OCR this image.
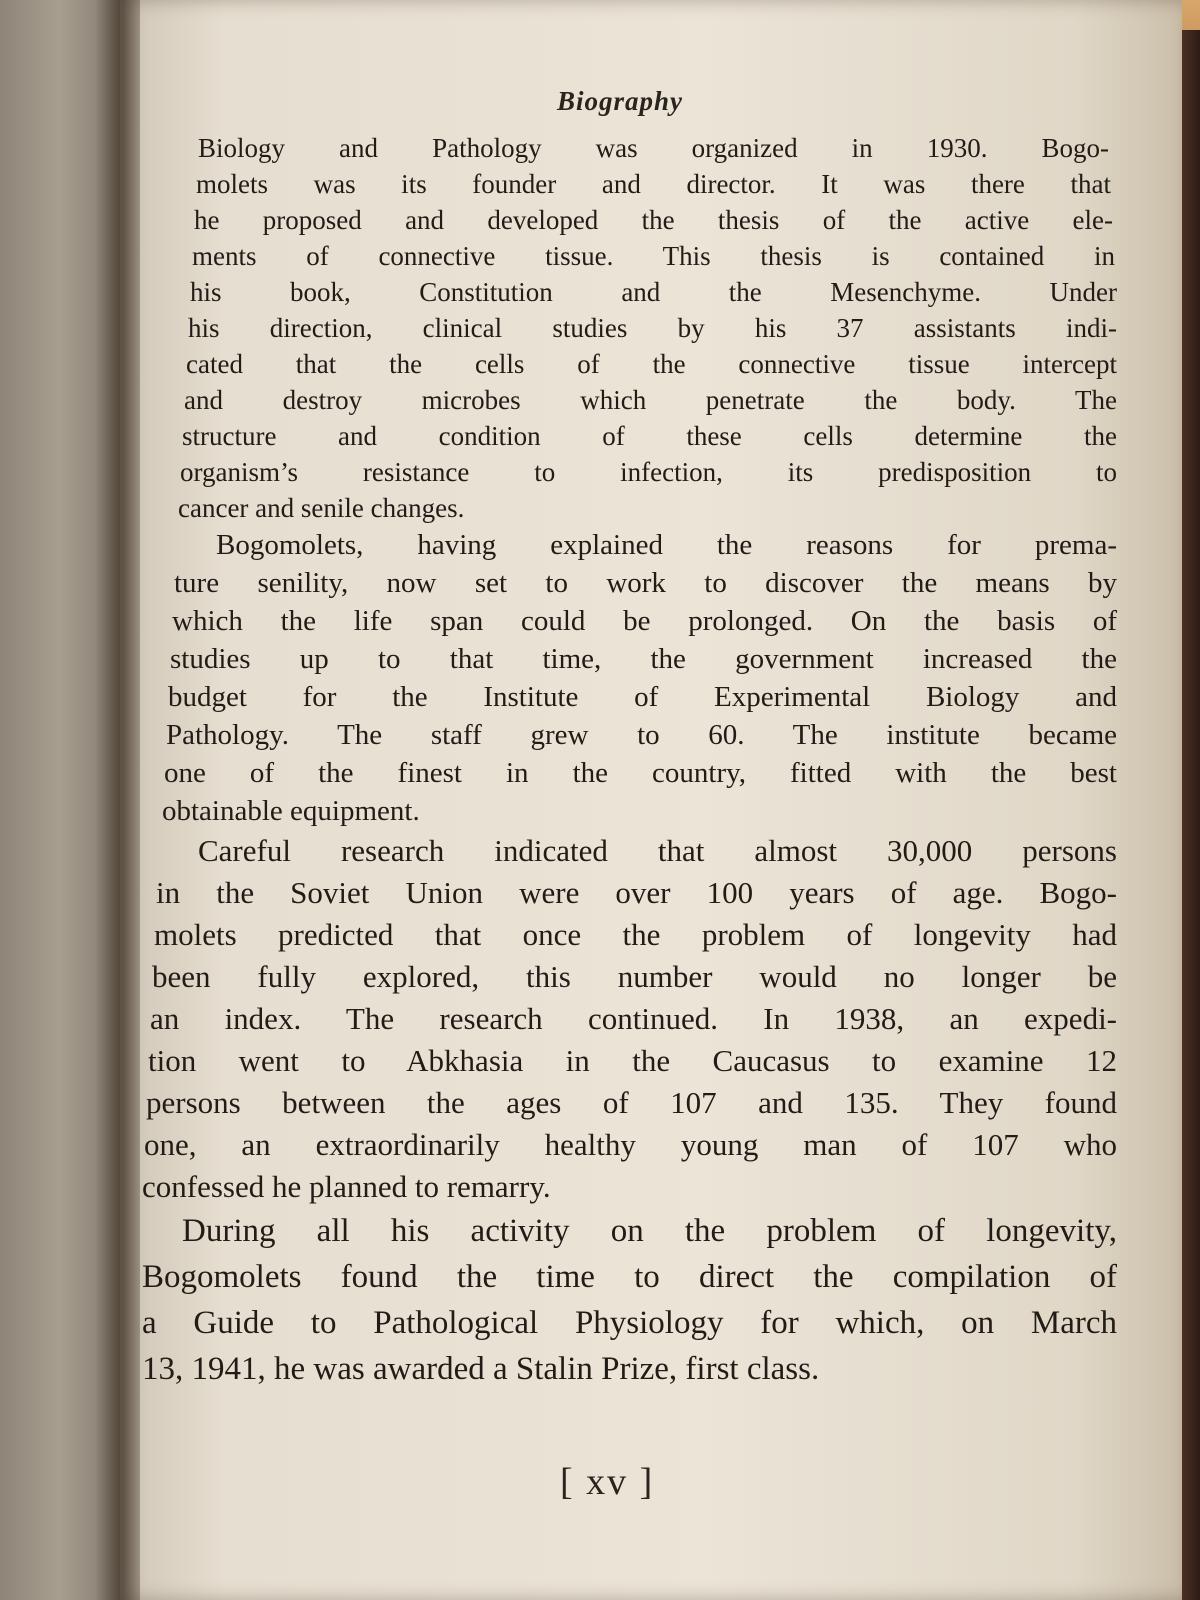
Biography

Biology and Pathology was organized in 1930. Bogo-

molets was its founder and director. It was there that

he proposed and developed the thesis of the active ele-

ments of connective tissue. This thesis is contained in

his book, Constitution and the Mesenchyme. Under

his direction, clinical studies by his 37 assistants indi-

cated that the cells of the connective tissue intercept

and destroy microbes which penetrate the body. The

structure and condition of these cells determine the

organism’s resistance to infection, its predisposition to

cancer and senile changes.

Bogomolets, having explained the reasons for prema-

ture senility, now set to work to discover the means by

which the life span could be prolonged. On the basis of

studies up to that time, the government increased the

budget for the Institute of Experimental Biology and

Pathology. The staff grew to 60. The institute became

one of the finest in the country, fitted with the best

obtainable equipment.

Careful research indicated that almost 30,000 persons

in the Soviet Union were over 100 years of age. Bogo-

molets predicted that once the problem of longevity had

been fully explored, this number would no longer be

an index. The research continued. In 1938, an expedi-

tion went to Abkhasia in the Caucasus to examine 12

persons between the ages of 107 and 135. They found

one, an extraordinarily healthy young man of 107 who

confessed he planned to remarry.

During all his activity on the problem of longevity,

Bogomolets found the time to direct the compilation of

a Guide to Pathological Physiology for which, on March

13, 1941, he was awarded a Stalin Prize, first class.

[ xv ]
